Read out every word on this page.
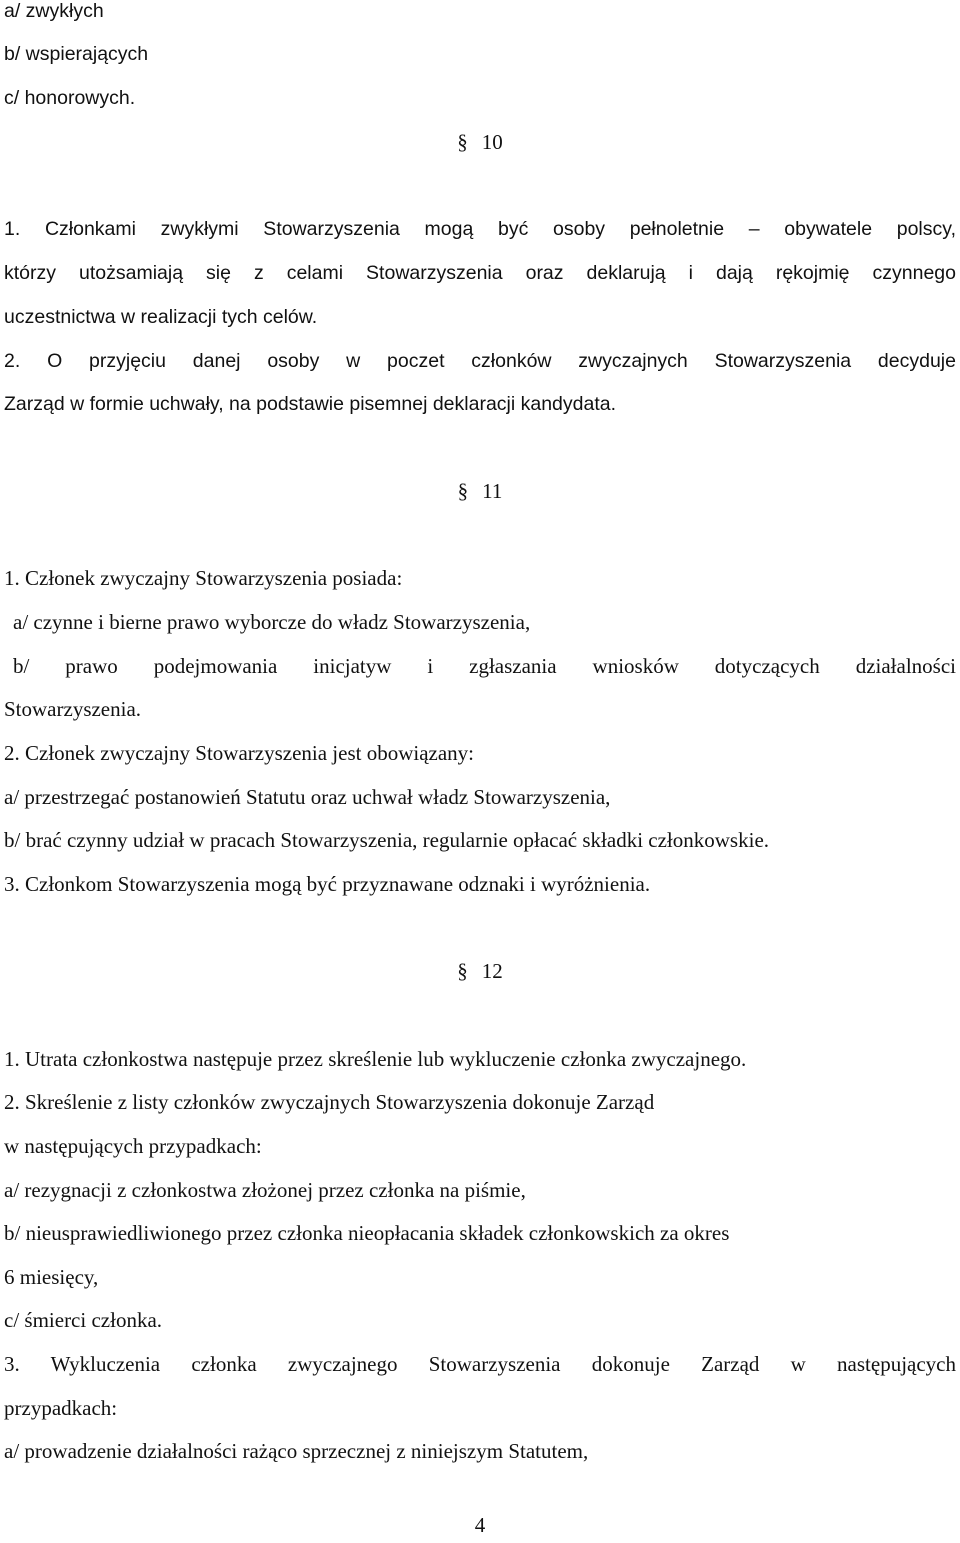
a/ zwykłych
b/ wspierających
c/ honorowych.
§ 10
1. Członkami zwykłymi Stowarzyszenia mogą być osoby pełnoletnie – obywatele polscy,
którzy utożsamiają się z celami Stowarzyszenia oraz deklarują i dają rękojmię czynnego
uczestnictwa w realizacji tych celów.
2. O przyjęciu danej osoby w poczet członków zwyczajnych Stowarzyszenia decyduje
Zarząd w formie uchwały, na podstawie pisemnej deklaracji kandydata.
§ 11
1. Członek zwyczajny Stowarzyszenia posiada:
a/ czynne i bierne prawo wyborcze do władz Stowarzyszenia,
b/ prawo podejmowania inicjatyw i zgłaszania wniosków dotyczących działalności
Stowarzyszenia.
2. Członek zwyczajny Stowarzyszenia jest obowiązany:
a/ przestrzegać postanowień Statutu oraz uchwał władz Stowarzyszenia,
b/ brać czynny udział w pracach Stowarzyszenia, regularnie opłacać składki członkowskie.
3. Członkom Stowarzyszenia mogą być przyznawane odznaki i wyróżnienia.
§ 12
1. Utrata członkostwa następuje przez skreślenie lub wykluczenie członka zwyczajnego.
2. Skreślenie z listy członków zwyczajnych Stowarzyszenia dokonuje Zarząd
w następujących przypadkach:
a/ rezygnacji z członkostwa złożonej przez członka na piśmie,
b/ nieusprawiedliwionego przez członka nieopłacania składek członkowskich za okres
6 miesięcy,
c/ śmierci członka.
3. Wykluczenia członka zwyczajnego Stowarzyszenia dokonuje Zarząd w następujących
przypadkach:
a/ prowadzenie działalności rażąco sprzecznej z niniejszym Statutem,
4
